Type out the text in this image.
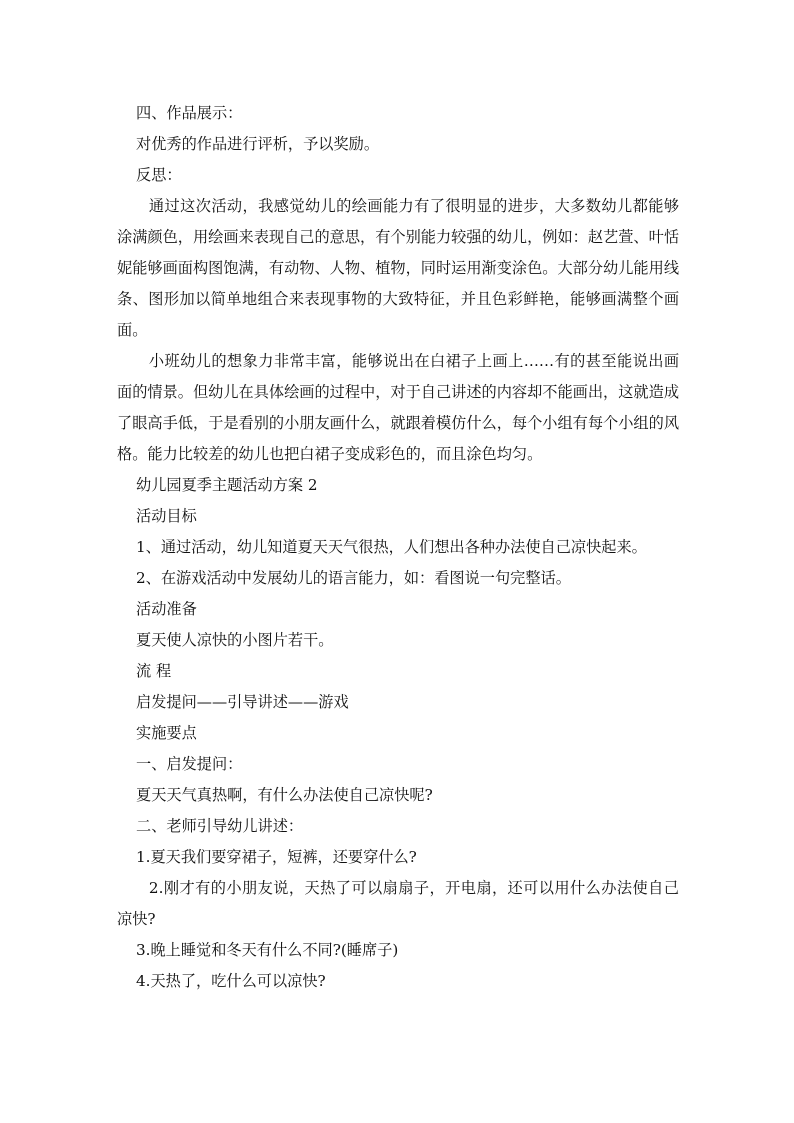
四、作品展示：

对优秀的作品进行评析，予以奖励。

反思：

通过这次活动，我感觉幼儿的绘画能力有了很明显的进步，大多数幼儿都能够涂满颜色，用绘画来表现自己的意思，有个别能力较强的幼儿，例如：赵艺萱、叶恬妮能够画面构图饱满，有动物、人物、植物，同时运用渐变涂色。大部分幼儿能用线条、图形加以简单地组合来表现事物的大致特征，并且色彩鲜艳，能够画满整个画面。

小班幼儿的想象力非常丰富，能够说出在白裙子上画上……有的甚至能说出画面的情景。但幼儿在具体绘画的过程中，对于自己讲述的内容却不能画出，这就造成了眼高手低，于是看别的小朋友画什么，就跟着模仿什么，每个小组有每个小组的风格。能力比较差的幼儿也把白裙子变成彩色的，而且涂色均匀。

幼儿园夏季主题活动方案 2

活动目标

1、通过活动，幼儿知道夏天天气很热，人们想出各种办法使自己凉快起来。

2、在游戏活动中发展幼儿的语言能力，如：看图说一句完整话。

活动准备

夏天使人凉快的小图片若干。

流 程

启发提问——引导讲述——游戏

实施要点

一、启发提问：

夏天天气真热啊，有什么办法使自己凉快呢?

二、老师引导幼儿讲述：

1.夏天我们要穿裙子，短裤，还要穿什么?

2.刚才有的小朋友说，天热了可以扇扇子，开电扇，还可以用什么办法使自己凉快?

3.晚上睡觉和冬天有什么不同?(睡席子)

4.天热了，吃什么可以凉快?
